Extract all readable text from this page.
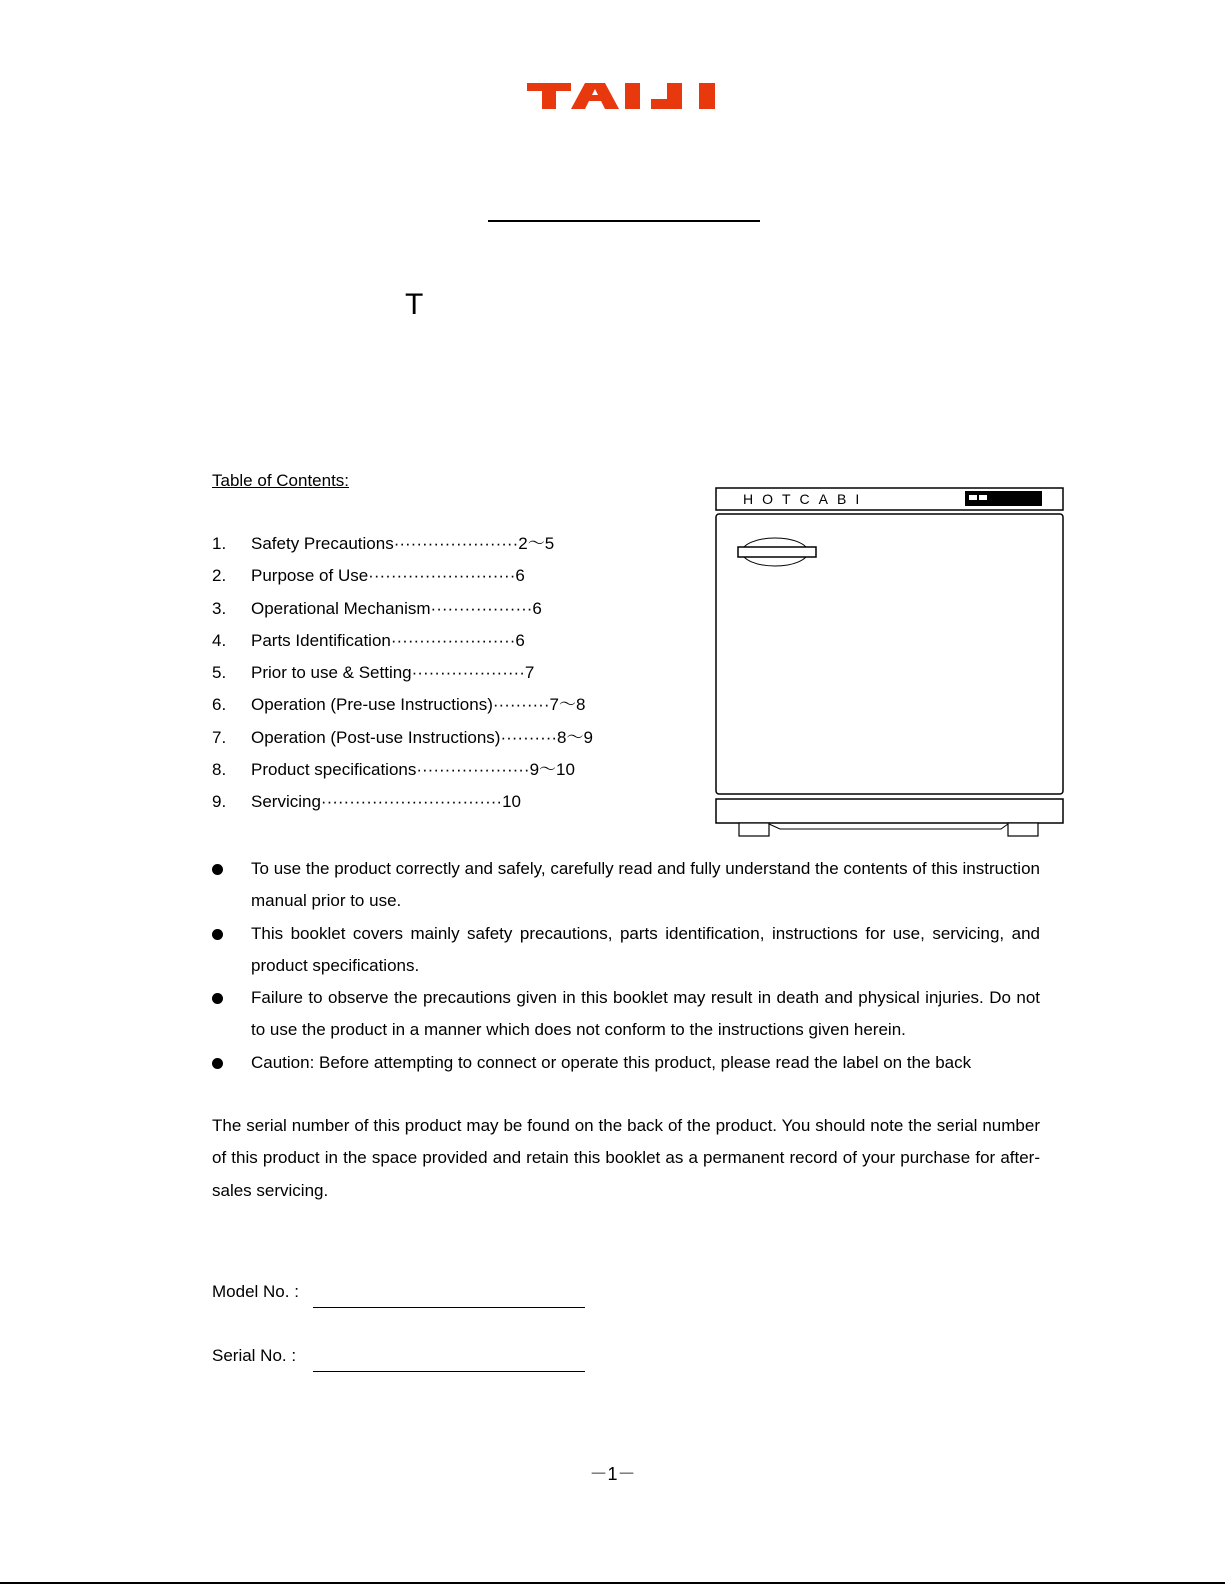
T
Table of Contents:
1. Safety Precautions······················2～5
2. Purpose of Use··························6
3. Operational Mechanism··················6
4. Parts Identification······················6
5. Prior to use & Setting····················7
6. Operation (Pre-use Instructions)··········7～8
7. Operation (Post-use Instructions)··········8～9
8. Product specifications····················9～10
9. Servicing································10
HOTCABI
To use the product correctly and safely, carefully read and fully understand the contents of this instruction manual prior to use.
This booklet covers mainly safety precautions, parts identification, instructions for use, servicing, and product specifications.
Failure to observe the precautions given in this booklet may result in death and physical injuries. Do not to use the product in a manner which does not conform to the instructions given herein.
Caution: Before attempting to connect or operate this product, please read the label on the back
The serial number of this product may be found on the back of the product. You should note the serial number of this product in the space provided and retain this booklet as a permanent record of your purchase for after-sales servicing.
Model No. :
Serial No. :
－1－
